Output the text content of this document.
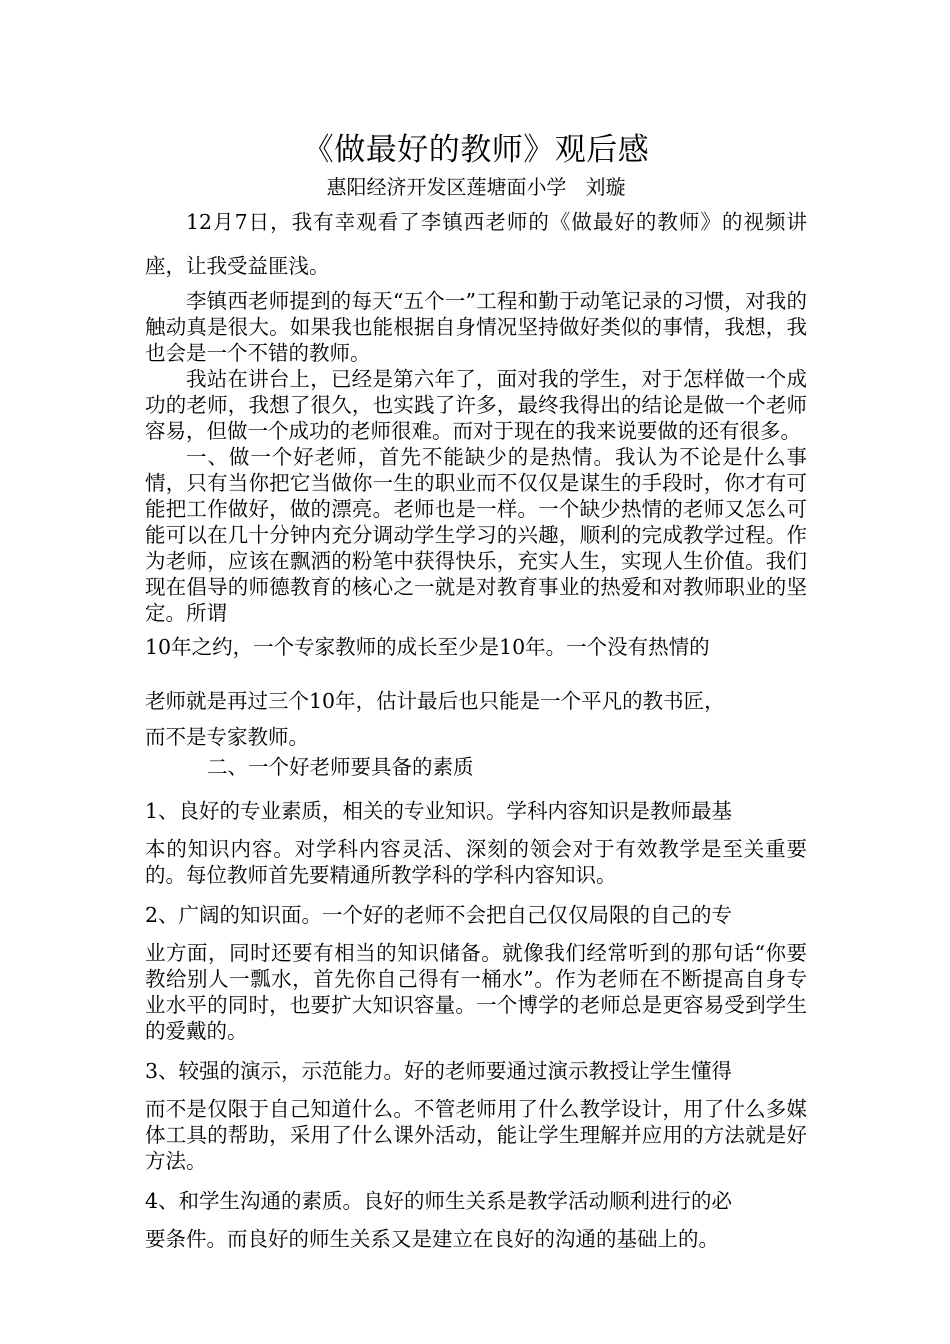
《做最好的教师》观后感

惠阳经济开发区莲塘面小学   刘璇

12月7日，我有幸观看了李镇西老师的《做最好的教师》的视频讲座，让我受益匪浅。

李镇西老师提到的每天“五个一”工程和勤于动笔记录的习惯，对我的触动真是很大。如果我也能根据自身情况坚持做好类似的事情，我想，我也会是一个不错的教师。

我站在讲台上，已经是第六年了，面对我的学生，对于怎样做一个成功的老师，我想了很久，也实践了许多，最终我得出的结论是做一个老师容易，但做一个成功的老师很难。而对于现在的我来说要做的还有很多。

一、做一个好老师，首先不能缺少的是热情。我认为不论是什么事情，只有当你把它当做你一生的职业而不仅仅是谋生的手段时，你才有可能把工作做好，做的漂亮。老师也是一样。一个缺少热情的老师又怎么可能可以在几十分钟内充分调动学生学习的兴趣，顺利的完成教学过程。作为老师，应该在飘洒的粉笔中获得快乐，充实人生，实现人生价值。我们现在倡导的师德教育的核心之一就是对教育事业的热爱和对教师职业的坚定。所谓

10年之约，一个专家教师的成长至少是10年。一个没有热情的

老师就是再过三个10年，估计最后也只能是一个平凡的教书匠，

而不是专家教师。

二、一个好老师要具备的素质

1、良好的专业素质，相关的专业知识。学科内容知识是教师最基

本的知识内容。对学科内容灵活、深刻的领会对于有效教学是至关重要的。每位教师首先要精通所教学科的学科内容知识。

2、广阔的知识面。一个好的老师不会把自己仅仅局限的自己的专

业方面，同时还要有相当的知识储备。就像我们经常听到的那句话“你要教给别人一瓢水，首先你自己得有一桶水”。作为老师在不断提高自身专业水平的同时，也要扩大知识容量。一个博学的老师总是更容易受到学生的爱戴的。

3、较强的演示，示范能力。好的老师要通过演示教授让学生懂得

而不是仅限于自己知道什么。不管老师用了什么教学设计，用了什么多媒体工具的帮助，采用了什么课外活动，能让学生理解并应用的方法就是好方法。

4、和学生沟通的素质。良好的师生关系是教学活动顺利进行的必

要条件。而良好的师生关系又是建立在良好的沟通的基础上的。
